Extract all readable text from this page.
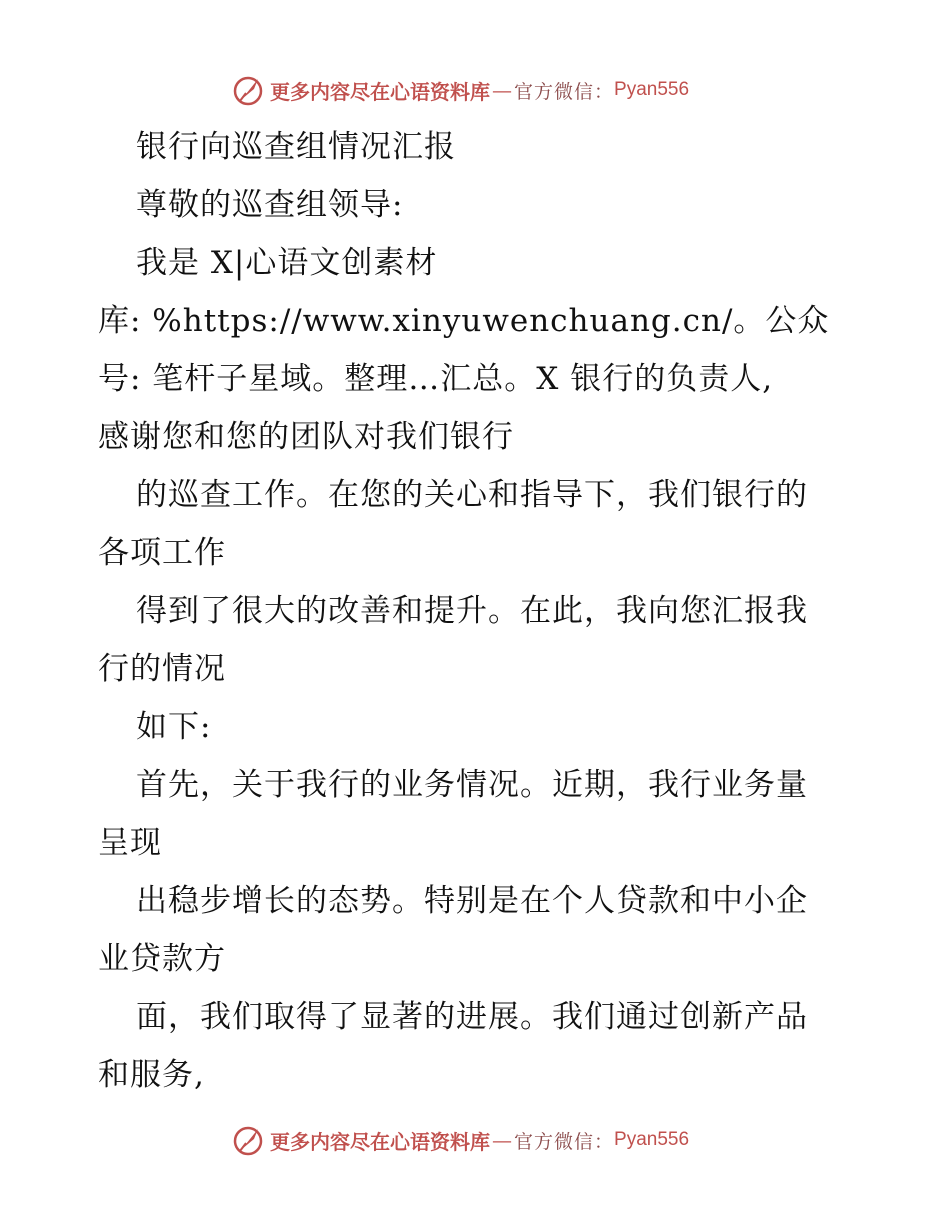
更多内容尽在心语资料库 — 官方微信： Pyan556
银行向巡查组情况汇报
尊敬的巡查组领导:
我是 X|心语文创素材
库: %https://www.xinyuwenchuang.cn/。公众
号: 笔杆子星域。整理…汇总。X 银行的负责人,
感谢您和您的团队对我们银行
的巡查工作。在您的关心和指导下，我们银行的
各项工作
得到了很大的改善和提升。在此，我向您汇报我
行的情况
如下:
首先，关于我行的业务情况。近期，我行业务量
呈现
出稳步增长的态势。特别是在个人贷款和中小企
业贷款方
面，我们取得了显著的进展。我们通过创新产品
和服务,
更多内容尽在心语资料库 — 官方微信： Pyan556
